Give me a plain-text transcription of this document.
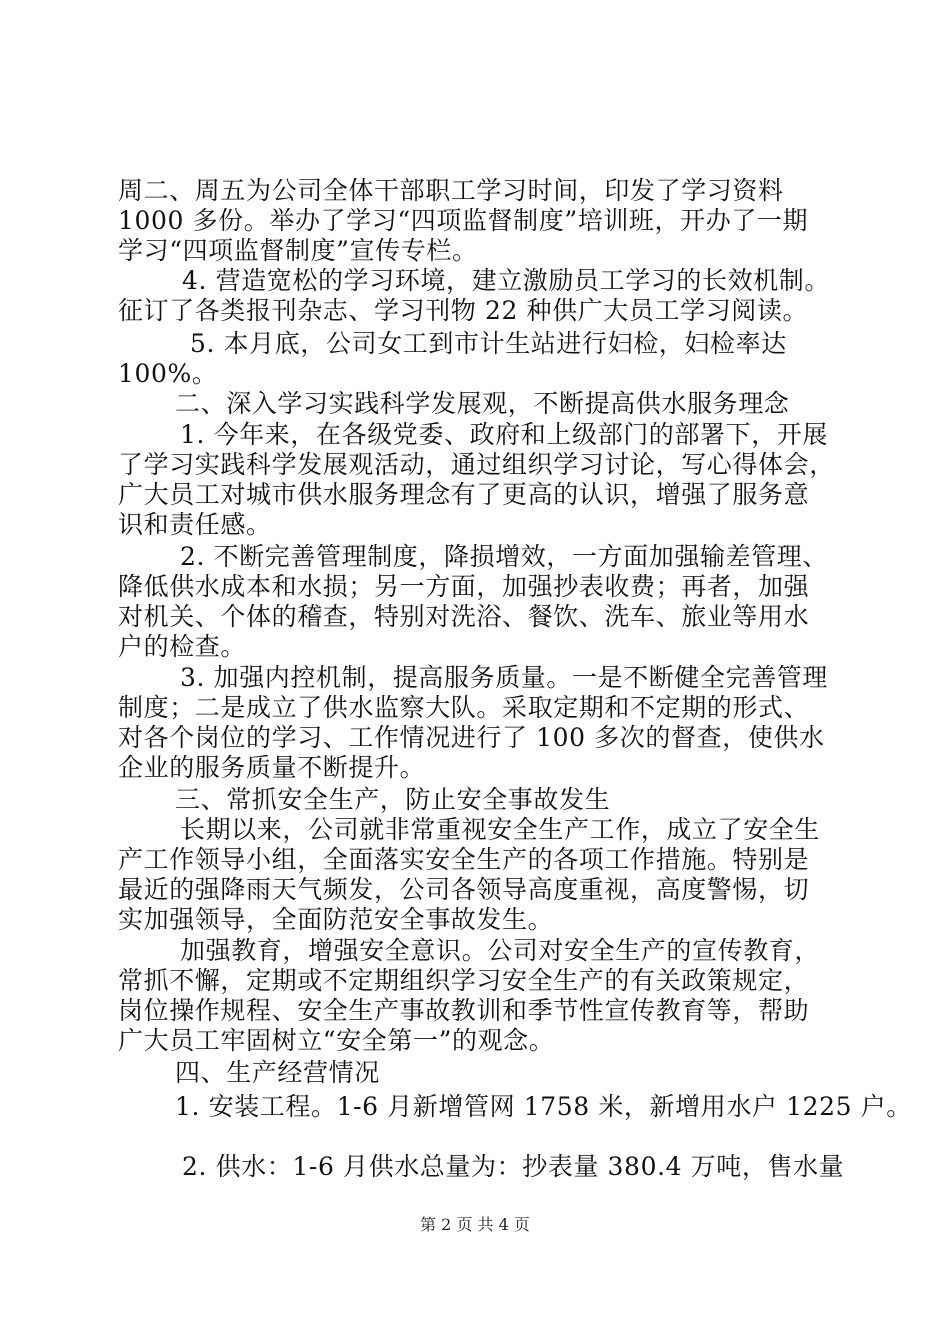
周二、周五为公司全体干部职工学习时间，印发了学习资料
1000 多份。举办了学习“四项监督制度”培训班，开办了一期
学习“四项监督制度”宣传专栏。
4. 营造宽松的学习环境，建立激励员工学习的长效机制。
征订了各类报刊杂志、学习刊物 22 种供广大员工学习阅读。
5. 本月底，公司女工到市计生站进行妇检，妇检率达
100%。
二、深入学习实践科学发展观，不断提高供水服务理念
1. 今年来，在各级党委、政府和上级部门的部署下，开展
了学习实践科学发展观活动，通过组织学习讨论，写心得体会，
广大员工对城市供水服务理念有了更高的认识，增强了服务意
识和责任感。
2. 不断完善管理制度，降损增效，一方面加强输差管理、
降低供水成本和水损；另一方面，加强抄表收费；再者，加强
对机关、个体的稽查，特别对洗浴、餐饮、洗车、旅业等用水
户的检查。
3. 加强内控机制，提高服务质量。一是不断健全完善管理
制度；二是成立了供水监察大队。采取定期和不定期的形式、
对各个岗位的学习、工作情况进行了 100 多次的督查，使供水
企业的服务质量不断提升。
三、常抓安全生产，防止安全事故发生
长期以来，公司就非常重视安全生产工作，成立了安全生
产工作领导小组，全面落实安全生产的各项工作措施。特别是
最近的强降雨天气频发，公司各领导高度重视，高度警惕，切
实加强领导，全面防范安全事故发生。
加强教育，增强安全意识。公司对安全生产的宣传教育，
常抓不懈，定期或不定期组织学习安全生产的有关政策规定，
岗位操作规程、安全生产事故教训和季节性宣传教育等，帮助
广大员工牢固树立“安全第一”的观念。
四、生产经营情况
1. 安装工程。1-6 月新增管网 1758 米，新增用水户 1225 户。
2. 供水：1-6 月供水总量为：抄表量 380.4 万吨，售水量
第 2 页 共 4 页
